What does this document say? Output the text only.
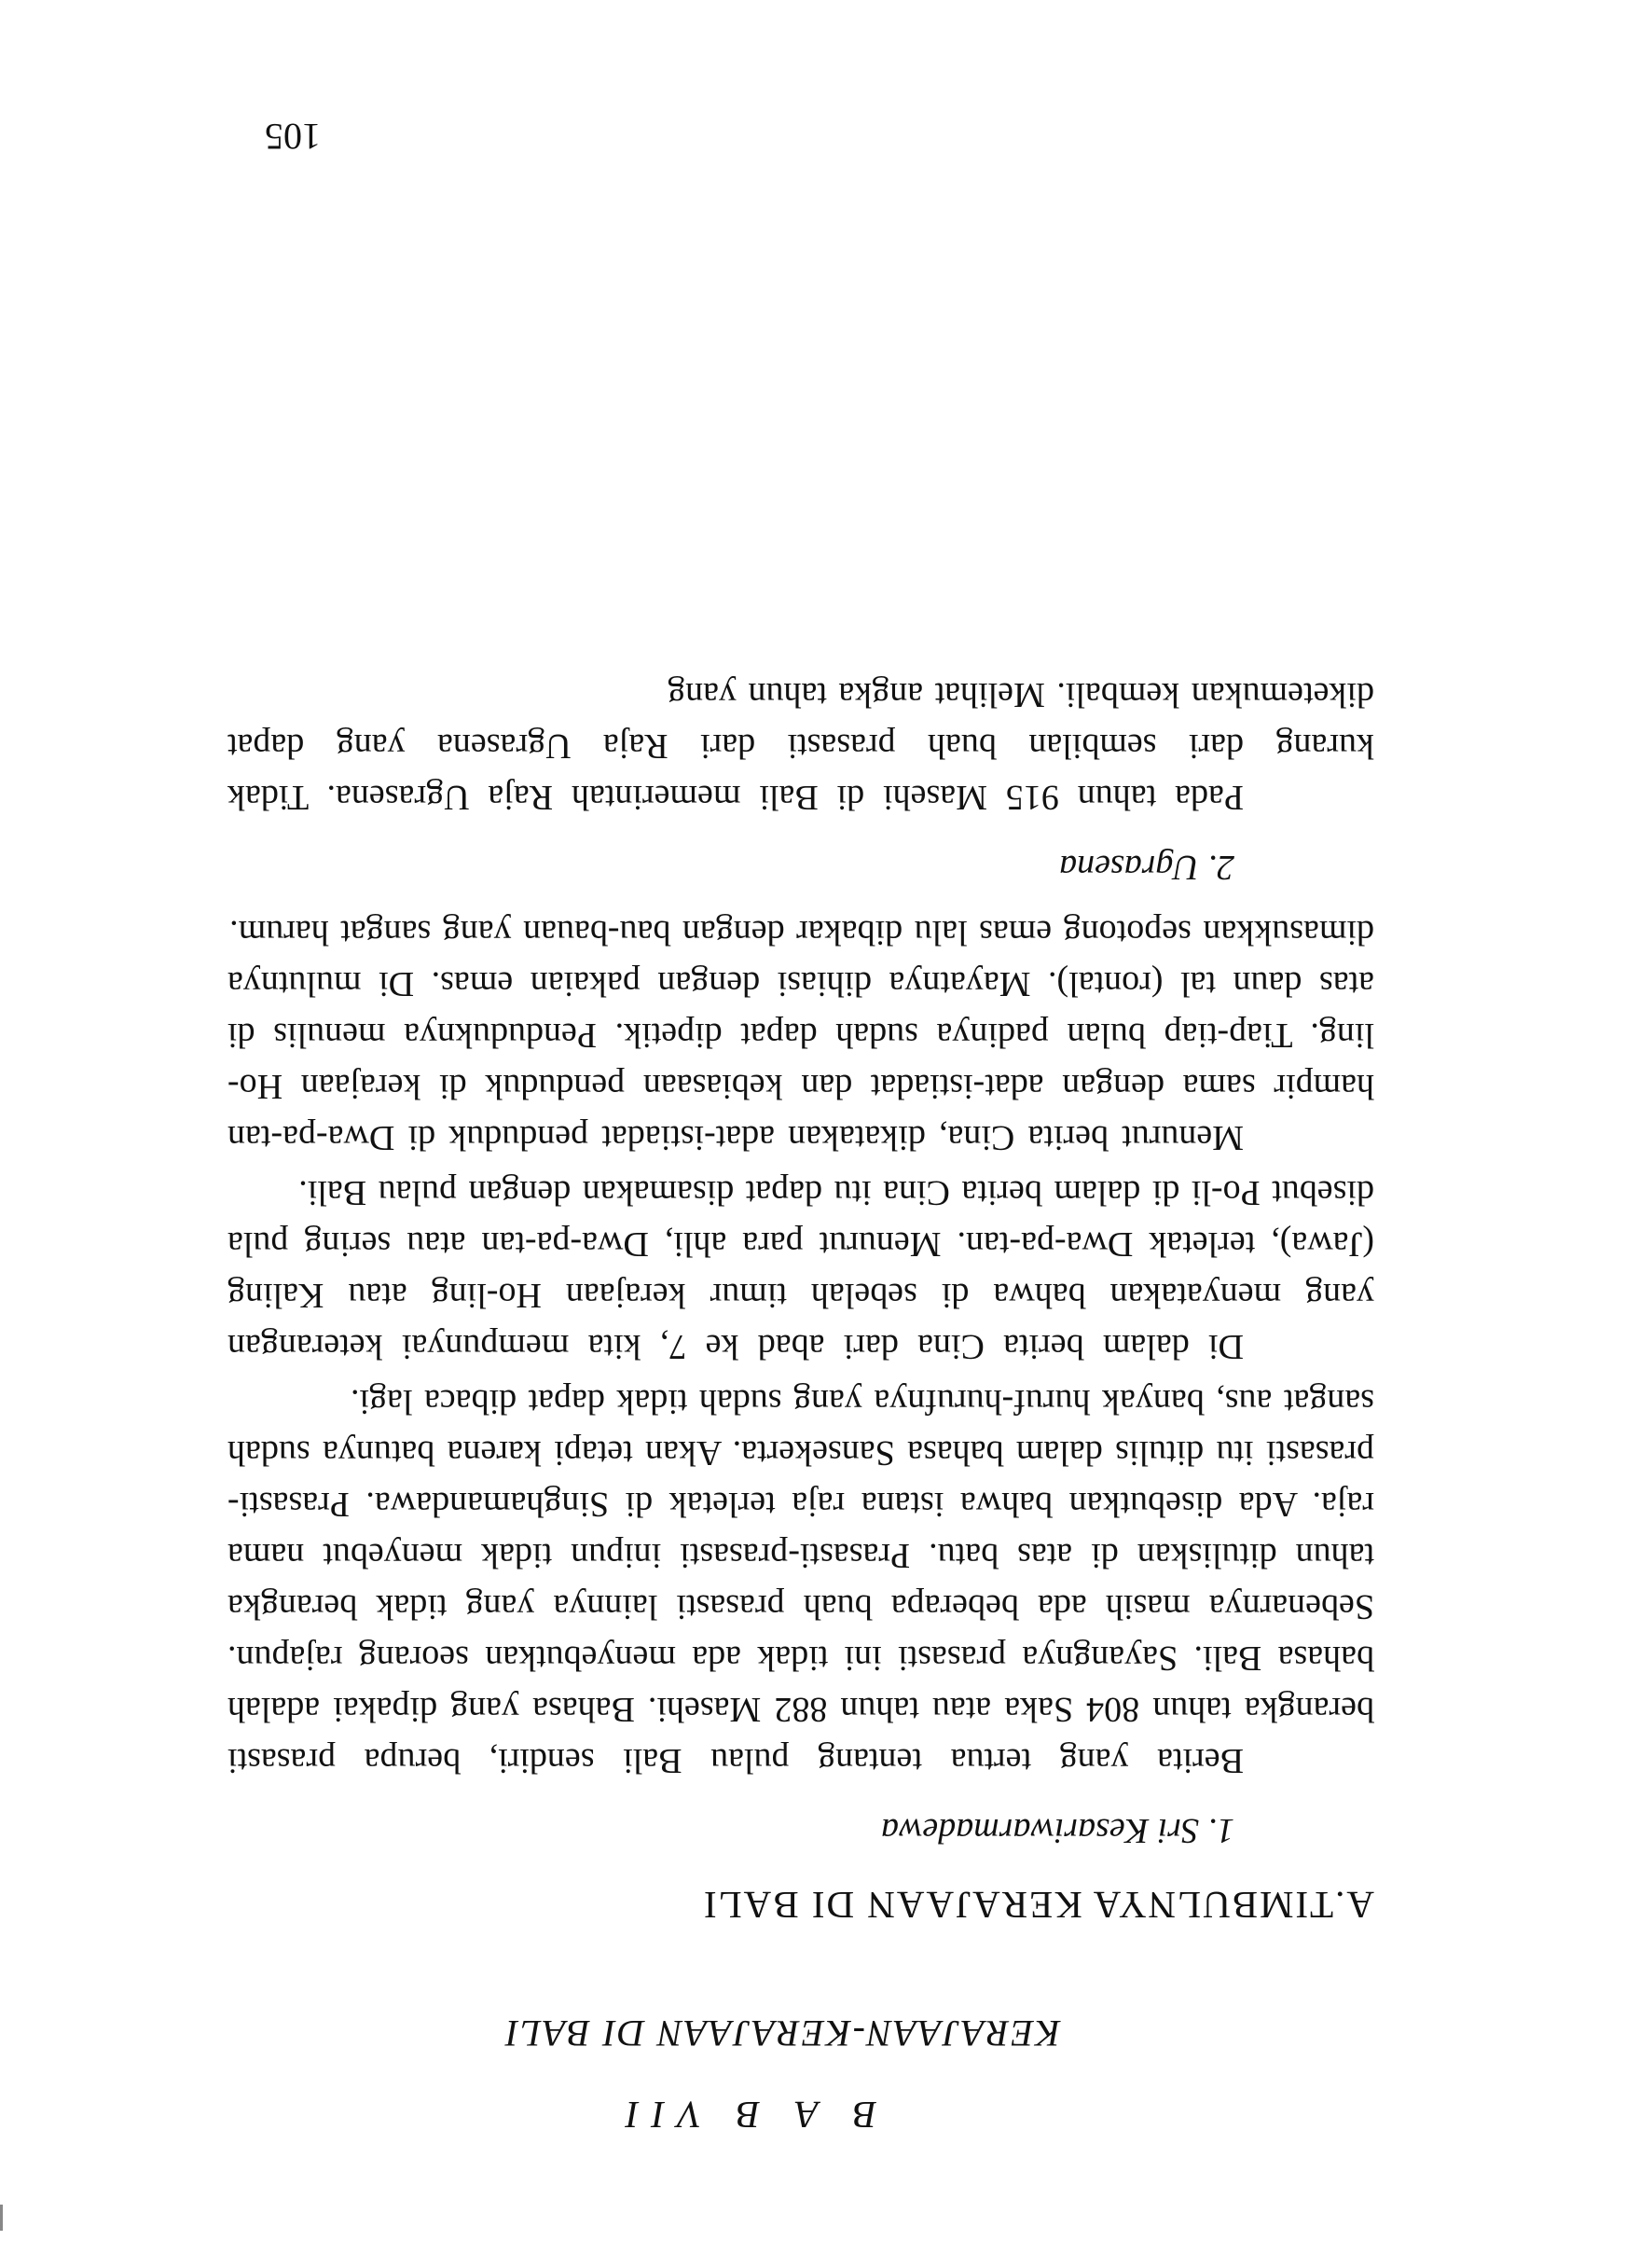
B A B VII
KERAJAAN-KERAJAAN DI BALI
A.TIMBULNYA KERAJAAN DI BALI
1. Sri Kesariwarmadewa

Berita yang tertua tentang pulau Bali sendiri, berupa prasasti berangka tahun 804 Saka atau tahun 882 Masehi. Bahasa yang dipakai adalah bahasa Bali. Sayangnya prasasti ini tidak ada menyebutkan seorang rajapun. Sebenarnya masih ada beberapa buah prasasti lainnya yang tidak berangka tahun dituliskan di atas batu. Prasasti-prasasti inipun tidak menyebut nama raja. Ada disebutkan bahwa istana raja terletak di Singhamandawa. Prasasti-prasasti itu ditulis dalam bahasa Sansekerta. Akan tetapi karena batunya sudah sangat aus, banyak huruf-hurufnya yang sudah tidak dapat dibaca lagi.

Di dalam berita Cina dari abad ke 7, kita mempunyai keterangan yang menyatakan bahwa di sebelah timur kerajaan Ho-ling atau Kaling (Jawa), terletak Dwa-pa-tan. Menurut para ahli, Dwa-pa-tan atau sering pula disebut Po-li di dalam berita Cina itu dapat disamakan dengan pulau Bali.

Menurut berita Cina, dikatakan adat-istiadat penduduk di Dwa-pa-tan hampir sama dengan adat-istiadat dan kebiasaan penduduk di kerajaan Ho-ling. Tiap-tiap bulan padinya sudah dapat dipetik. Penduduknya menulis di atas daun tal (rontal). Mayatnya dihiasi dengan pakaian emas. Di mulutnya dimasukkan sepotong emas lalu dibakar dengan bau-bauan yang sangat harum.

2. Ugrasena

Pada tahun 915 Masehi di Bali memerintah Raja Ugrasena. Tidak kurang dari sembilan buah prasasti dari Raja Ugrasena yang dapat diketemukan kembali. Melihat angka tahun yang

105
